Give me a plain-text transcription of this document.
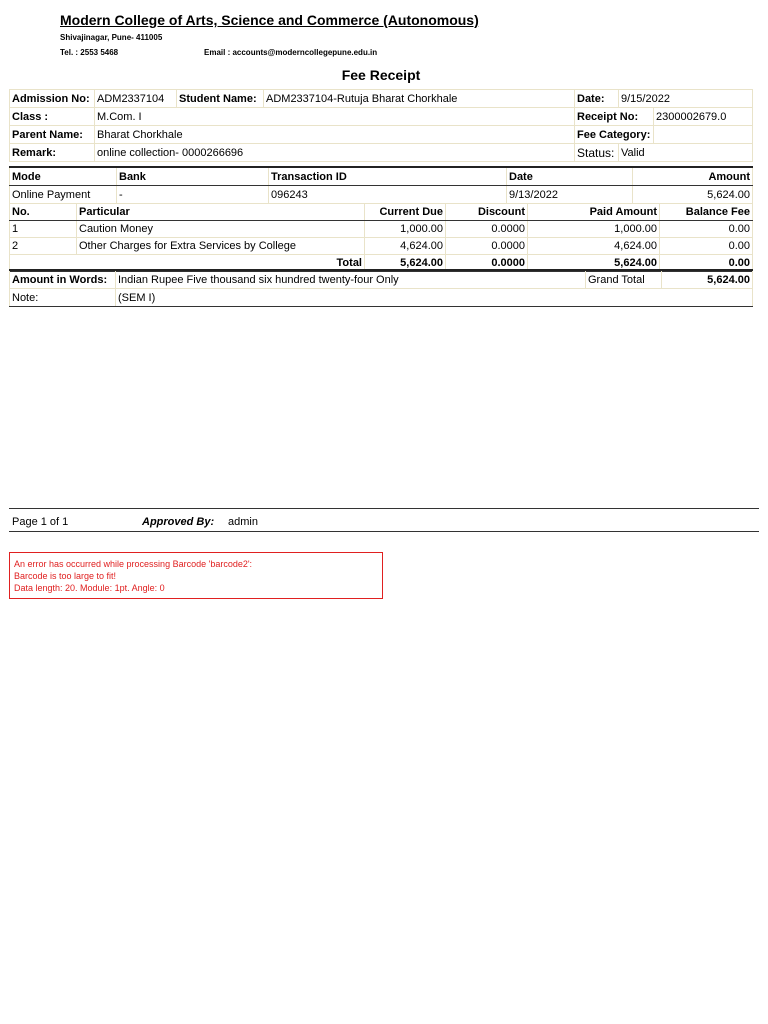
Modern College of Arts, Science and Commerce (Autonomous)
Shivajinagar, Pune- 411005
Tel. : 2553 5468	Email : accounts@moderncollegepune.edu.in
Fee Receipt
Admission No:	ADM2337104	Student Name:	ADM2337104-Rutuja Bharat Chorkhale	Date:	9/15/2022	
Class :	M.Com. I			Receipt No:		2300002679.0
Parent Name:	Bharat Chorkhale			Fee Category:		
Remark:	online collection- 0000266696			Status:	Valid	
Mode	Bank	Transaction ID	Date	Amount
Online Payment	-	096243	9/13/2022	5,624.00
No.	Particular	Current Due	Discount	Paid Amount	Balance Fee
1	Caution Money	1,000.00	0.0000	1,000.00	0.00
2	Other Charges for Extra Services by College	4,624.00	0.0000	4,624.00	0.00
Total		5,624.00	0.0000	5,624.00	0.00
Amount in Words:	Indian Rupee Five thousand six hundred twenty-four Only	Grand Total	5,624.00
Note:	(SEM I)		
Page 1 of 1	Approved By: admin
An error has occurred while processing Barcode 'barcode2':
Barcode is too large to fit!
Data length: 20. Module: 1pt. Angle: 0
